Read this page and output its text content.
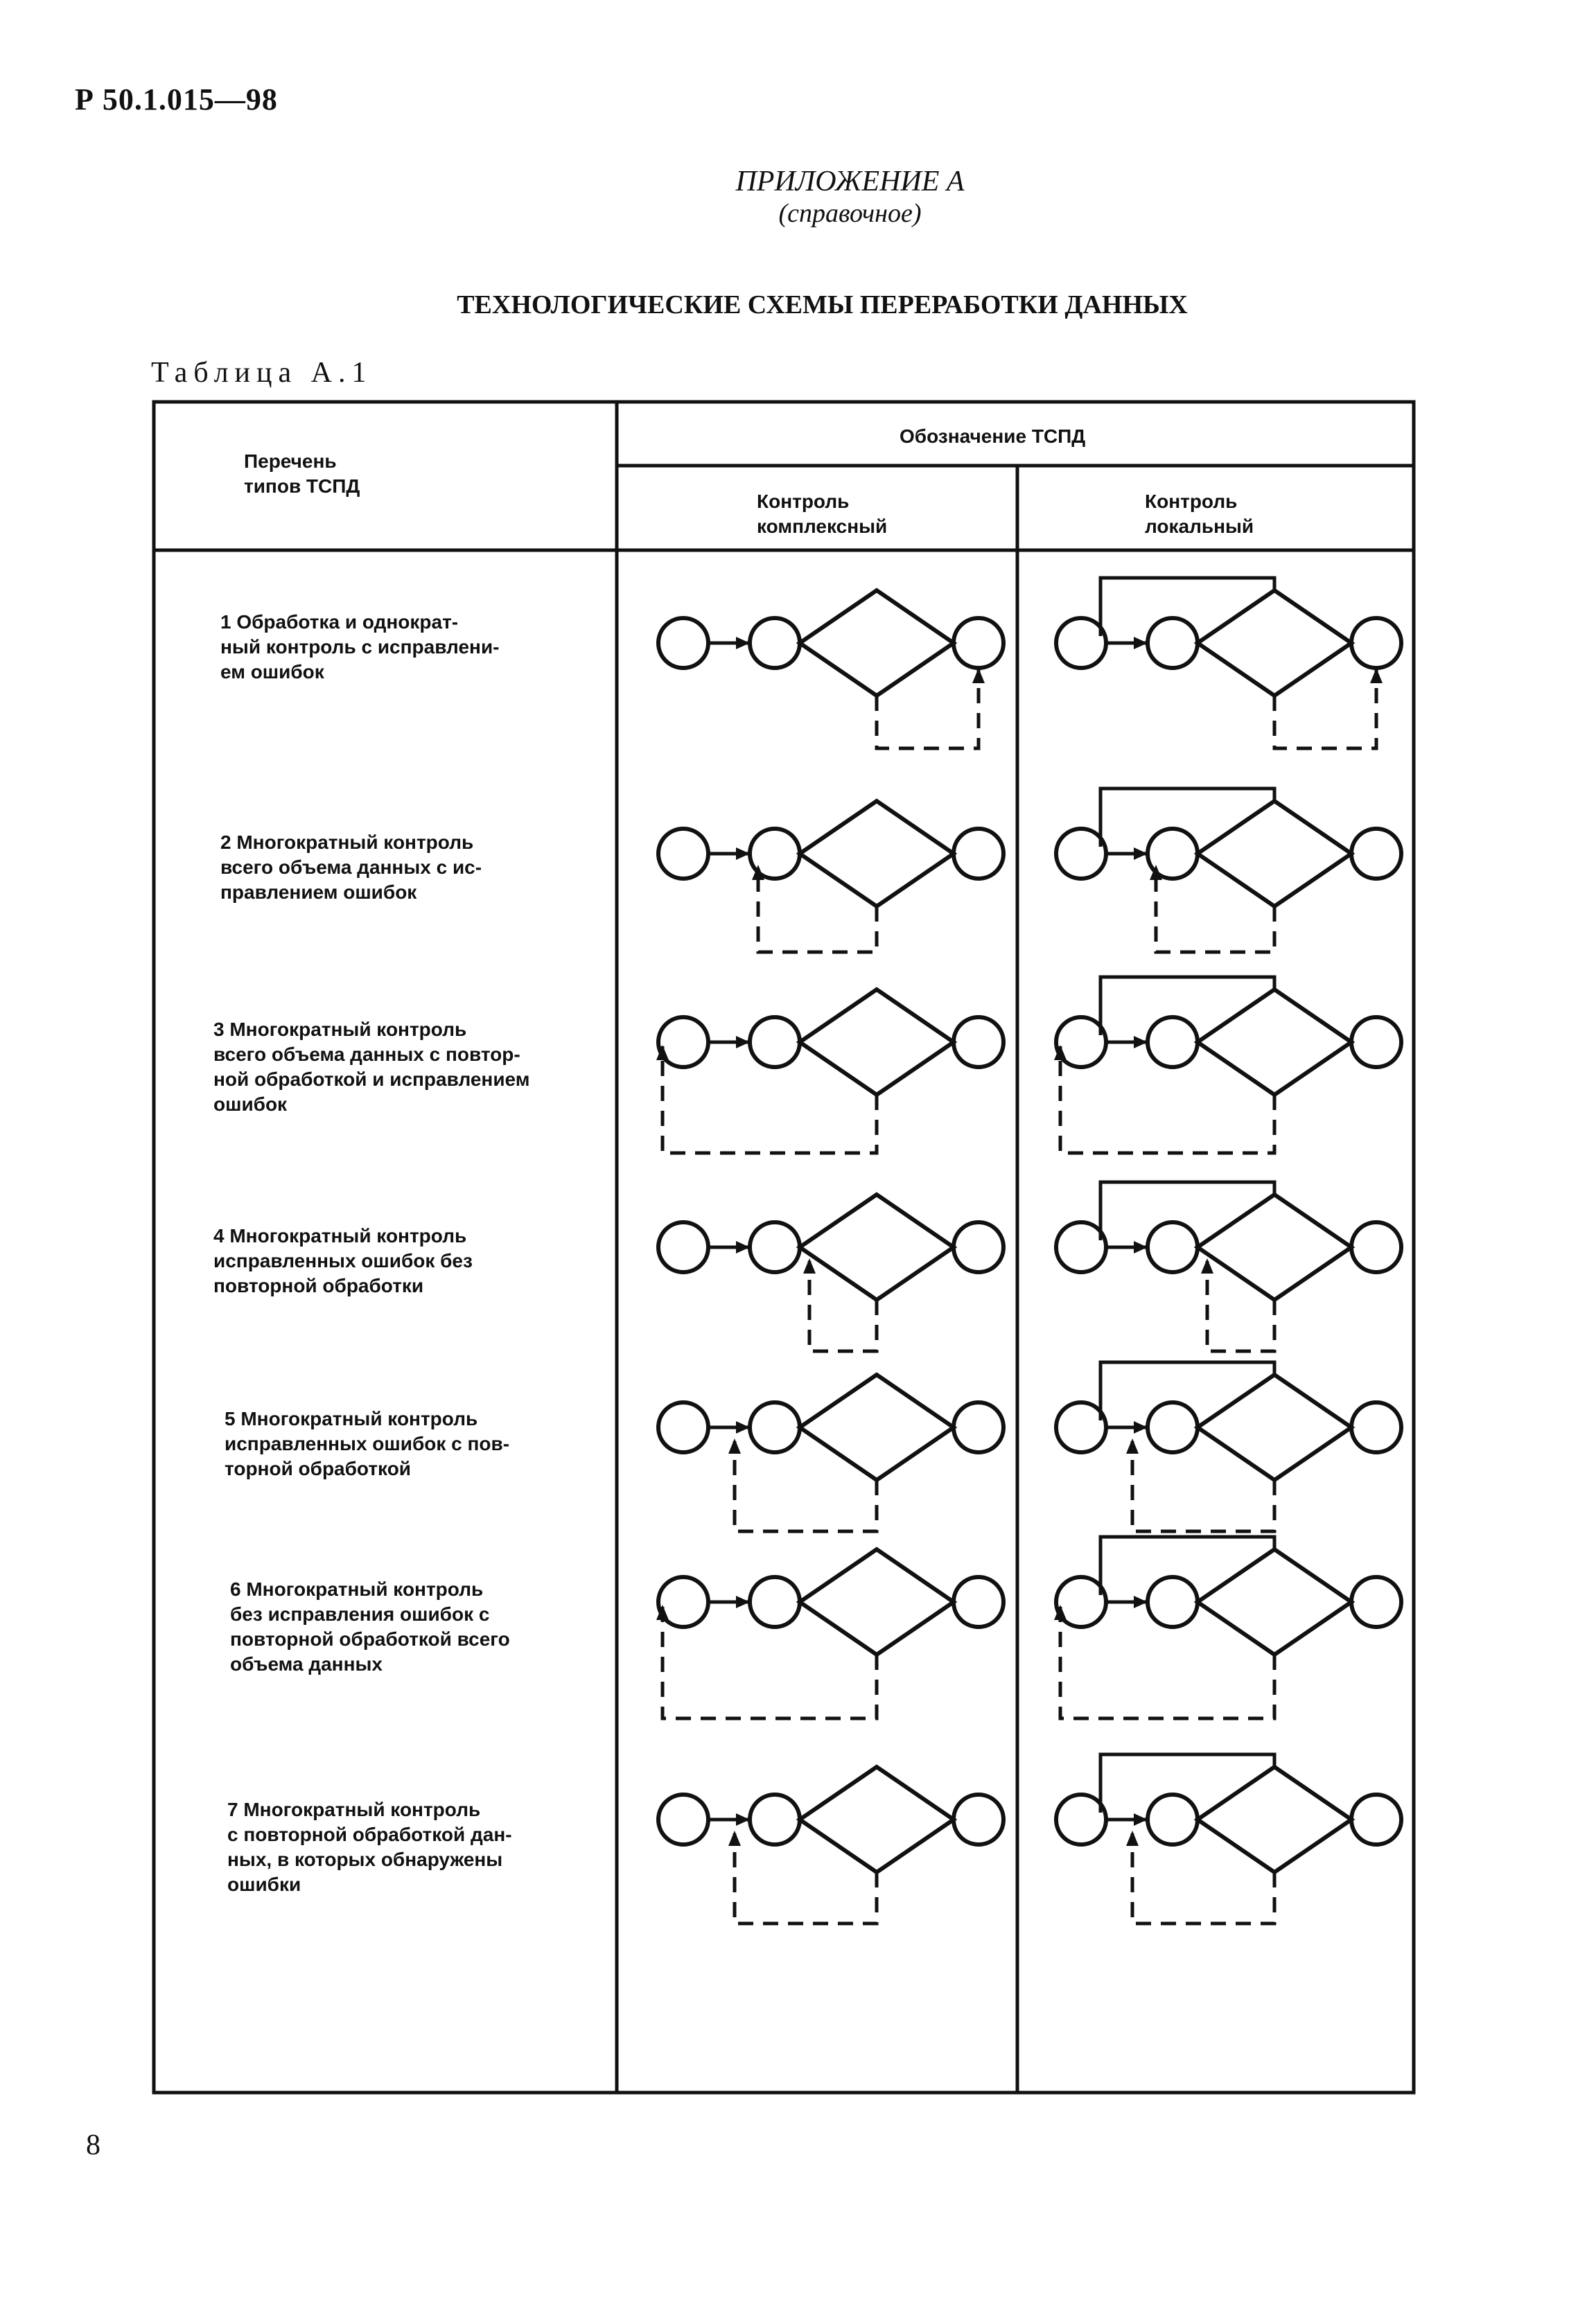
Р 50.1.015—98
ПРИЛОЖЕНИЕ А
(справочное)
ТЕХНОЛОГИЧЕСКИЕ СХЕМЫ ПЕРЕРАБОТКИ ДАННЫХ
Таблица А.1
Перечень
типов ТСПД
Обозначение ТСПД
Контроль
комплексный
Контроль
локальный
1 Обработка и однократ-
ный контроль с исправлени-
ем ошибок
2 Многократный контроль
всего объема данных с ис-
правлением ошибок
3 Многократный контроль
всего объема данных с повтор-
ной обработкой и исправлением
ошибок
4 Многократный контроль
исправленных ошибок без
повторной обработки
5 Многократный контроль
исправленных ошибок с пов-
торной обработкой
6 Многократный контроль
без исправления ошибок с
повторной обработкой всего
объема данных
7 Многократный контроль
с повторной обработкой дан-
ных, в которых обнаружены
ошибки
8
